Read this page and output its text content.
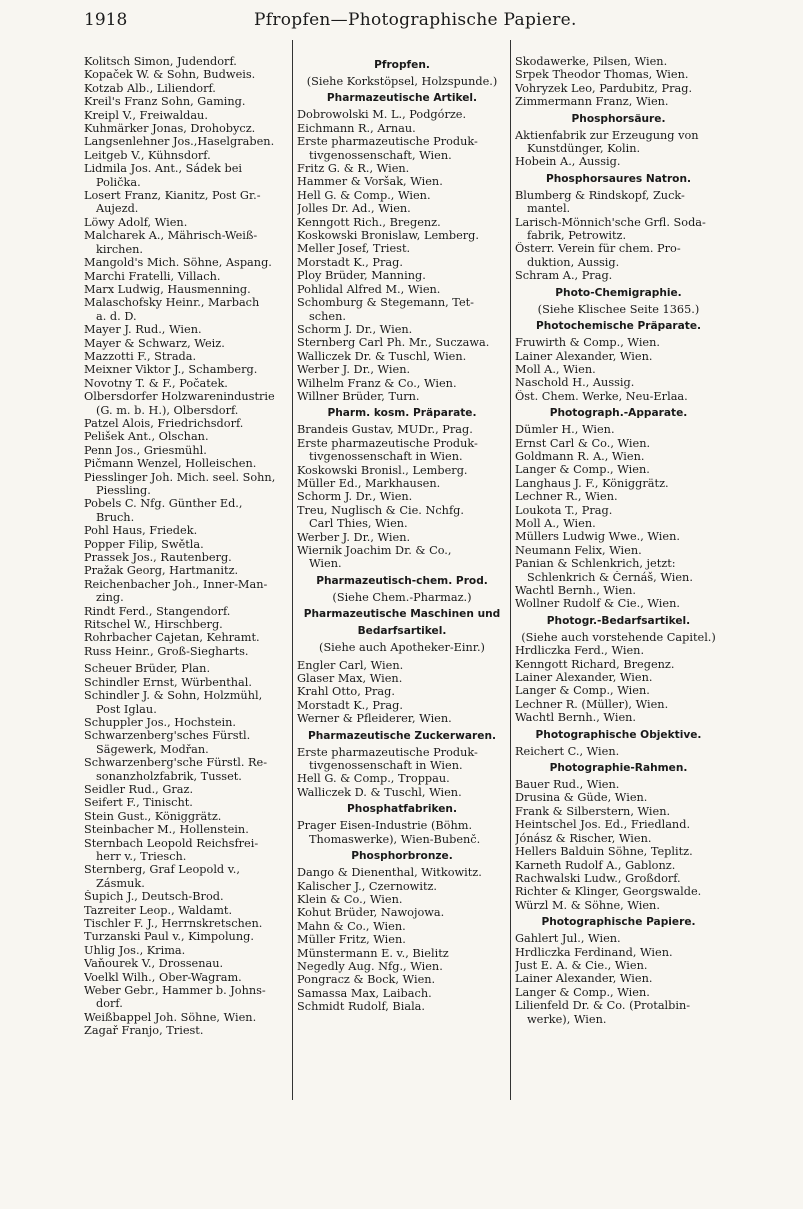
1918	Pfropfen—Photographische Papiere.
Kolitsch Simon, Judendorf.
Kopaček W. & Sohn, Budweis.
Kotzab Alb., Liliendorf.
Kreil's Franz Sohn, Gaming.
Kreipl V., Freiwaldau.
Kuhmärker Jonas, Drohobycz.
Langsenlehner Jos.,Haselgraben.
Leitgeb V., Kühnsdorf.
Lidmila Jos. Ant., Sádek bei
Polička.
Losert Franz, Kianitz, Post Gr.-
Aujezd.
Löwy Adolf, Wien.
Malcharek A., Mährisch-Weiß-
kirchen.
Mangold's Mich. Söhne, Aspang.
Marchi Fratelli, Villach.
Marx Ludwig, Hausmenning.
Malaschofsky Heinr., Marbach
a. d. D.
Mayer J. Rud., Wien.
Mayer & Schwarz, Weiz.
Mazzotti F., Strada.
Meixner Viktor J., Schamberg.
Novotny T. & F., Počatek.
Olbersdorfer Holzwarenindustrie
(G. m. b. H.), Olbersdorf.
Patzel Alois, Friedrichsdorf.
Pelišek Ant., Olschan.
Penn Jos., Griesmühl.
Pičmann Wenzel, Holleischen.
Piesslinger Joh. Mich. seel. Sohn,
Piessling.
Pobels C. Nfg. Günther Ed.,
Bruch.
Pohl Haus, Friedek.
Popper Filip, Swětla.
Prassek Jos., Rautenberg.
Pražak Georg, Hartmanitz.
Reichenbacher Joh., Inner-Man-
zing.
Rindt Ferd., Stangendorf.
Ritschel W., Hirschberg.
Rohrbacher Cajetan, Kehramt.
Russ Heinr., Groß-Siegharts.
Scheuer Brüder, Plan.
Schindler Ernst, Würbenthal.
Schindler J. & Sohn, Holzmühl,
Post Iglau.
Schuppler Jos., Hochstein.
Schwarzenberg'sches Fürstl.
Sägewerk, Modřan.
Schwarzenberg'sche Fürstl. Re-
sonanzholzfabrik, Tusset.
Seidler Rud., Graz.
Seifert F., Tinischt.
Stein Gust., Königgrätz.
Steinbacher M., Hollenstein.
Sternbach Leopold Reichsfrei-
herr v., Triesch.
Sternberg, Graf Leopold v.,
Zásmuk.
Šupich J., Deutsch-Brod.
Tazreiter Leop., Waldamt.
Tischler F. J., Herrnskretschen.
Turzanski Paul v., Kimpolung.
Uhlig Jos., Krima.
Vaňourek V., Drossenau.
Voelkl Wilh., Ober-Wagram.
Weber Gebr., Hammer b. Johns-
dorf.
Weißbappel Joh. Söhne, Wien.
Zagař Franjo, Triest.
Pfropfen.
(Siehe Korkstöpsel, Holzspunde.)
Pharmazeutische Artikel.
Dobrowolski M. L., Podgórze.
Eichmann R., Arnau.
Erste pharmazeutische Produk-
tivgenossenschaft, Wien.
Fritz G. & R., Wien.
Hammer & Voršak, Wien.
Hell G. & Comp., Wien.
Jolles Dr. Ad., Wien.
Kenngott Rich., Bregenz.
Koskowski Bronislaw, Lemberg.
Meller Josef, Triest.
Morstadt K., Prag.
Ploy Brüder, Manning.
Pohlidal Alfred M., Wien.
Schomburg & Stegemann, Tet-
schen.
Schorm J. Dr., Wien.
Sternberg Carl Ph. Mr., Suczawa.
Walliczek Dr. & Tuschl, Wien.
Werber J. Dr., Wien.
Wilhelm Franz & Co., Wien.
Willner Brüder, Turn.
Pharm. kosm. Präparate.
Brandeis Gustav, MUDr., Prag.
Erste pharmazeutische Produk-
tivgenossenschaft in Wien.
Koskowski Bronisl., Lemberg.
Müller Ed., Markhausen.
Schorm J. Dr., Wien.
Treu, Nuglisch & Cie. Nchfg.
Carl Thies, Wien.
Werber J. Dr., Wien.
Wiernik Joachim Dr. & Co.,
Wien.
Pharmazeutisch-chem. Prod.
(Siehe Chem.-Pharmaz.)
Pharmazeutische Maschinen und
Bedarfsartikel.
(Siehe auch Apotheker-Einr.)
Engler Carl, Wien.
Glaser Max, Wien.
Krahl Otto, Prag.
Morstadt K., Prag.
Werner & Pfleiderer, Wien.
Pharmazeutische Zuckerwaren.
Erste pharmazeutische Produk-
tivgenossenschaft in Wien.
Hell G. & Comp., Troppau.
Walliczek D. & Tuschl, Wien.
Phosphatfabriken.
Prager Eisen-Industrie (Böhm.
Thomaswerke), Wien-Bubenč.
Phosphorbronze.
Dango & Dienenthal, Witkowitz.
Kalischer J., Czernowitz.
Klein & Co., Wien.
Kohut Brüder, Nawojowa.
Mahn & Co., Wien.
Müller Fritz, Wien.
Münstermann E. v., Bielitz
Negedly Aug. Nfg., Wien.
Pongracz & Bock, Wien.
Samassa Max, Laibach.
Schmidt Rudolf, Biala.
Skodawerke, Pilsen, Wien.
Srpek Theodor Thomas, Wien.
Vohryzek Leo, Pardubitz, Prag.
Zimmermann Franz, Wien.
Phosphorsäure.
Aktienfabrik zur Erzeugung von
Kunstdünger, Kolin.
Hobein A., Aussig.
Phosphorsaures Natron.
Blumberg & Rindskopf, Zuck-
mantel.
Larisch-Mönnich'sche Grfl. Soda-
fabrik, Petrowitz.
Österr. Verein für chem. Pro-
duktion, Aussig.
Schram A., Prag.
Photo-Chemigraphie.
(Siehe Klischee Seite 1365.)
Photochemische Präparate.
Fruwirth & Comp., Wien.
Lainer Alexander, Wien.
Moll A., Wien.
Naschold H., Aussig.
Öst. Chem. Werke, Neu-Erlaa.
Photograph.-Apparate.
Dümler H., Wien.
Ernst Carl & Co., Wien.
Goldmann R. A., Wien.
Langer & Comp., Wien.
Langhaus J. F., Königgrätz.
Lechner R., Wien.
Loukota T., Prag.
Moll A., Wien.
Müllers Ludwig Wwe., Wien.
Neumann Felix, Wien.
Panian & Schlenkrich, jetzt:
Schlenkrich & Černáš, Wien.
Wachtl Bernh., Wien.
Wollner Rudolf & Cie., Wien.
Photogr.-Bedarfsartikel.
(Siehe auch vorstehende Capitel.)
Hrdliczka Ferd., Wien.
Kenngott Richard, Bregenz.
Lainer Alexander, Wien.
Langer & Comp., Wien.
Lechner R. (Müller), Wien.
Wachtl Bernh., Wien.
Photographische Objektive.
Reichert C., Wien.
Photographie-Rahmen.
Bauer Rud., Wien.
Drusina & Güde, Wien.
Frank & Silberstern, Wien.
Heintschel Jos. Ed., Friedland.
Jónász & Rischer, Wien.
Hellers Balduin Söhne, Teplitz.
Karneth Rudolf A., Gablonz.
Rachwalski Ludw., Großdorf.
Richter & Klinger, Georgswalde.
Würzl M. & Söhne, Wien.
Photographische Papiere.
Gahlert Jul., Wien.
Hrdliczka Ferdinand, Wien.
Just E. A. & Cie., Wien.
Lainer Alexander, Wien.
Langer & Comp., Wien.
Lilienfeld Dr. & Co. (Protalbin-
werke), Wien.
